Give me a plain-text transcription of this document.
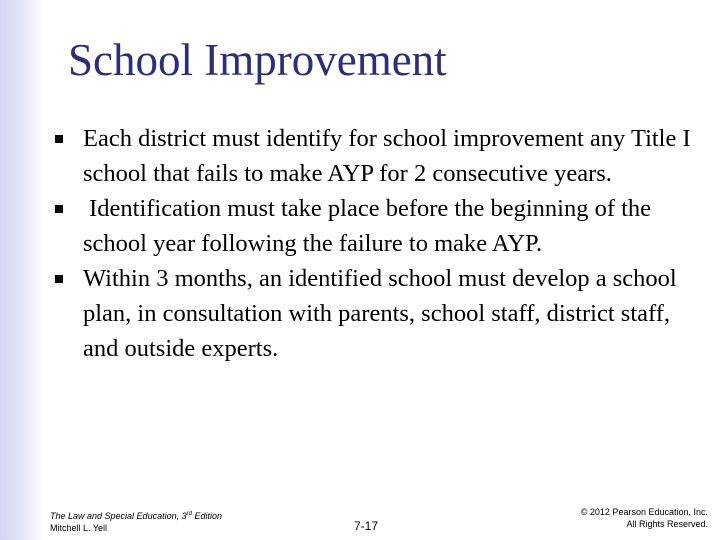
School Improvement
Each district must identify for school improvement any Title I school that fails to make AYP for 2 consecutive years.
Identification must take place before the beginning of the school year following the failure to make AYP.
Within 3 months, an identified school must develop a school plan, in consultation with parents, school staff, district staff, and outside experts.
The Law and Special Education, 3rd Edition
Mitchell L. Yell	7-17
© 2012 Pearson Education, Inc.
All Rights Reserved.
